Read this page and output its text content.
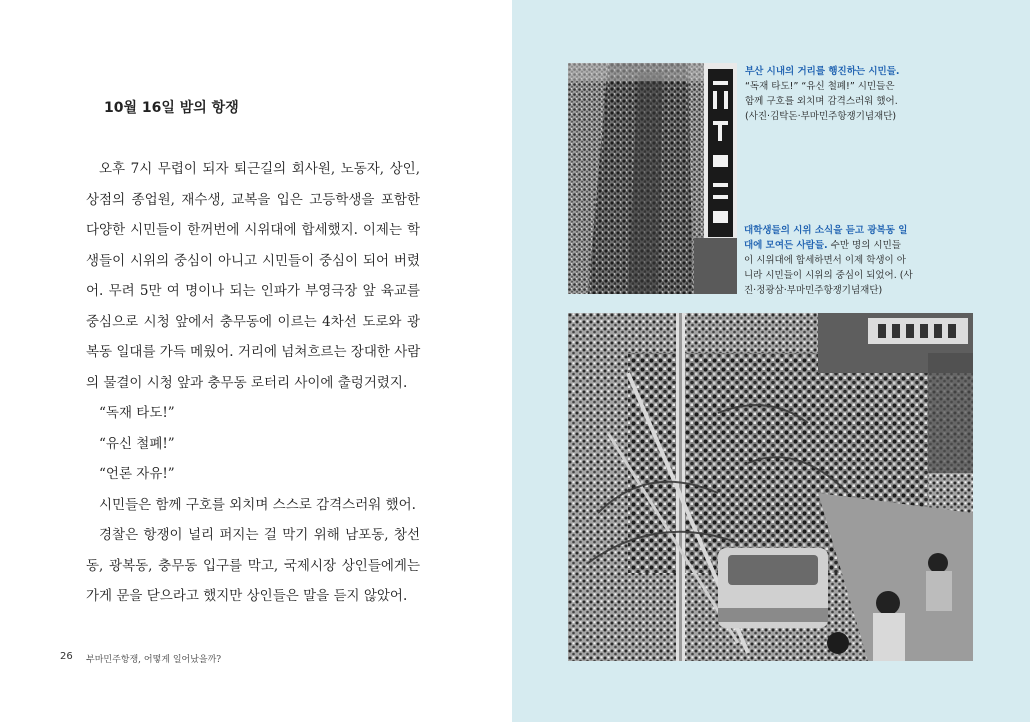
10월 16일 밤의 항쟁
오후 7시 무렵이 되자 퇴근길의 회사원, 노동자, 상인,
상점의 종업원, 재수생, 교복을 입은 고등학생을 포함한
다양한 시민들이 한꺼번에 시위대에 합세했지. 이제는 학
생들이 시위의 중심이 아니고 시민들이 중심이 되어 버렸
어. 무려 5만 여 명이나 되는 인파가 부영극장 앞 육교를
중심으로 시청 앞에서 충무동에 이르는 4차선 도로와 광
복동 일대를 가득 메웠어. 거리에 넘쳐흐르는 장대한 사람
의 물결이 시청 앞과 충무동 로터리 사이에 출렁거렸지.
“독재 타도!”
“유신 철폐!”
“언론 자유!”
시민들은 함께 구호를 외치며 스스로 감격스러워 했어.
경찰은 항쟁이 널리 퍼지는 걸 막기 위해 남포동, 창선
동, 광복동, 충무동 입구를 막고, 국제시장 상인들에게는
가게 문을 닫으라고 했지만 상인들은 말을 듣지 않았어.
26 부마민주항쟁, 어떻게 일어났을까?
부산 시내의 거리를 행진하는 시민들.
“독재 타도!” “유신 철폐!” 시민들은
함께 구호를 외치며 감격스러워 했어.
(사진·김탁돈·부마민주항쟁기념재단)
대학생들의 시위 소식을 듣고 광복동 일
대에 모여든 사람들. 수만 명의 시민들
이 시위대에 합세하면서 이제 학생이 아
니라 시민들이 시위의 중심이 되었어. (사
진·정광삼·부마민주항쟁기념재단)
